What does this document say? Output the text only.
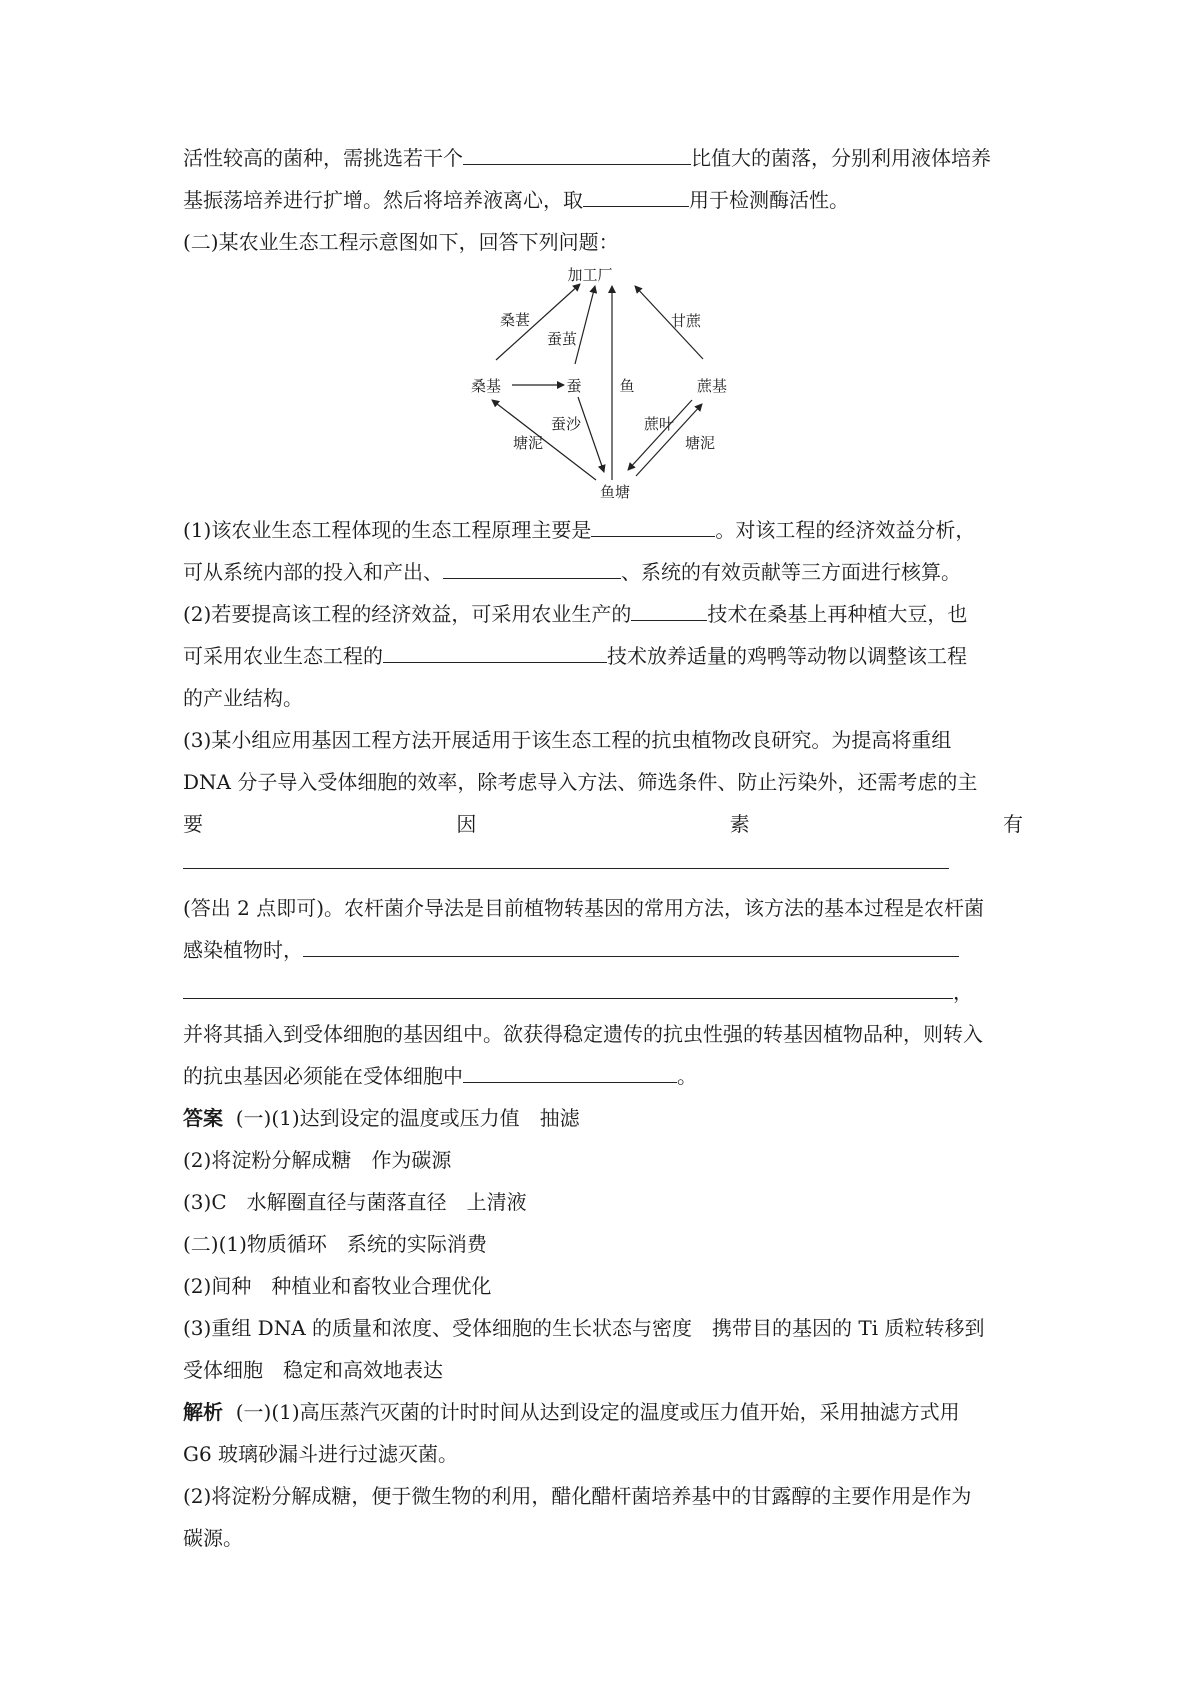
活性较高的菌种，需挑选若干个	比值大的菌落，分别利用液体培养
基振荡培养进行扩增。然后将培养液离心，取	用于检测酶活性。
(二)某农业生态工程示意图如下，回答下列问题：
加工厂
桑基	蚕	蔗基
鱼塘
桑葚
蚕茧
甘蔗
鱼
蚕沙	蔗叶
塘泥	塘泥
(1)该农业生态工程体现的生态工程原理主要是	。对该工程的经济效益分析，
可从系统内部的投入和产出、	、系统的有效贡献等三方面进行核算。
(2)若要提高该工程的经济效益，可采用农业生产的	技术在桑基上再种植大豆，也
可采用农业生态工程的	技术放养适量的鸡鸭等动物以调整该工程
的产业结构。
(3)某小组应用基因工程方法开展适用于该生态工程的抗虫植物改良研究。为提高将重组
DNA 分子导入受体细胞的效率，除考虑导入方法、筛选条件、防止污染外，还需考虑的主
要	因	素	有
(答出 2 点即可)。农杆菌介导法是目前植物转基因的常用方法，该方法的基本过程是农杆菌
感染植物时，
，
并将其插入到受体细胞的基因组中。欲获得稳定遗传的抗虫性强的转基因植物品种，则转入
的抗虫基因必须能在受体细胞中	。
答案 (一)(1)达到设定的温度或压力值　抽滤
(2)将淀粉分解成糖　作为碳源
(3)C　水解圈直径与菌落直径　上清液
(二)(1)物质循环　系统的实际消费
(2)间种　种植业和畜牧业合理优化
(3)重组 DNA 的质量和浓度、受体细胞的生长状态与密度　携带目的基因的 Ti 质粒转移到
受体细胞　稳定和高效地表达
解析 (一)(1)高压蒸汽灭菌的计时时间从达到设定的温度或压力值开始，采用抽滤方式用
G6 玻璃砂漏斗进行过滤灭菌。
(2)将淀粉分解成糖，便于微生物的利用，醋化醋杆菌培养基中的甘露醇的主要作用是作为
碳源。
